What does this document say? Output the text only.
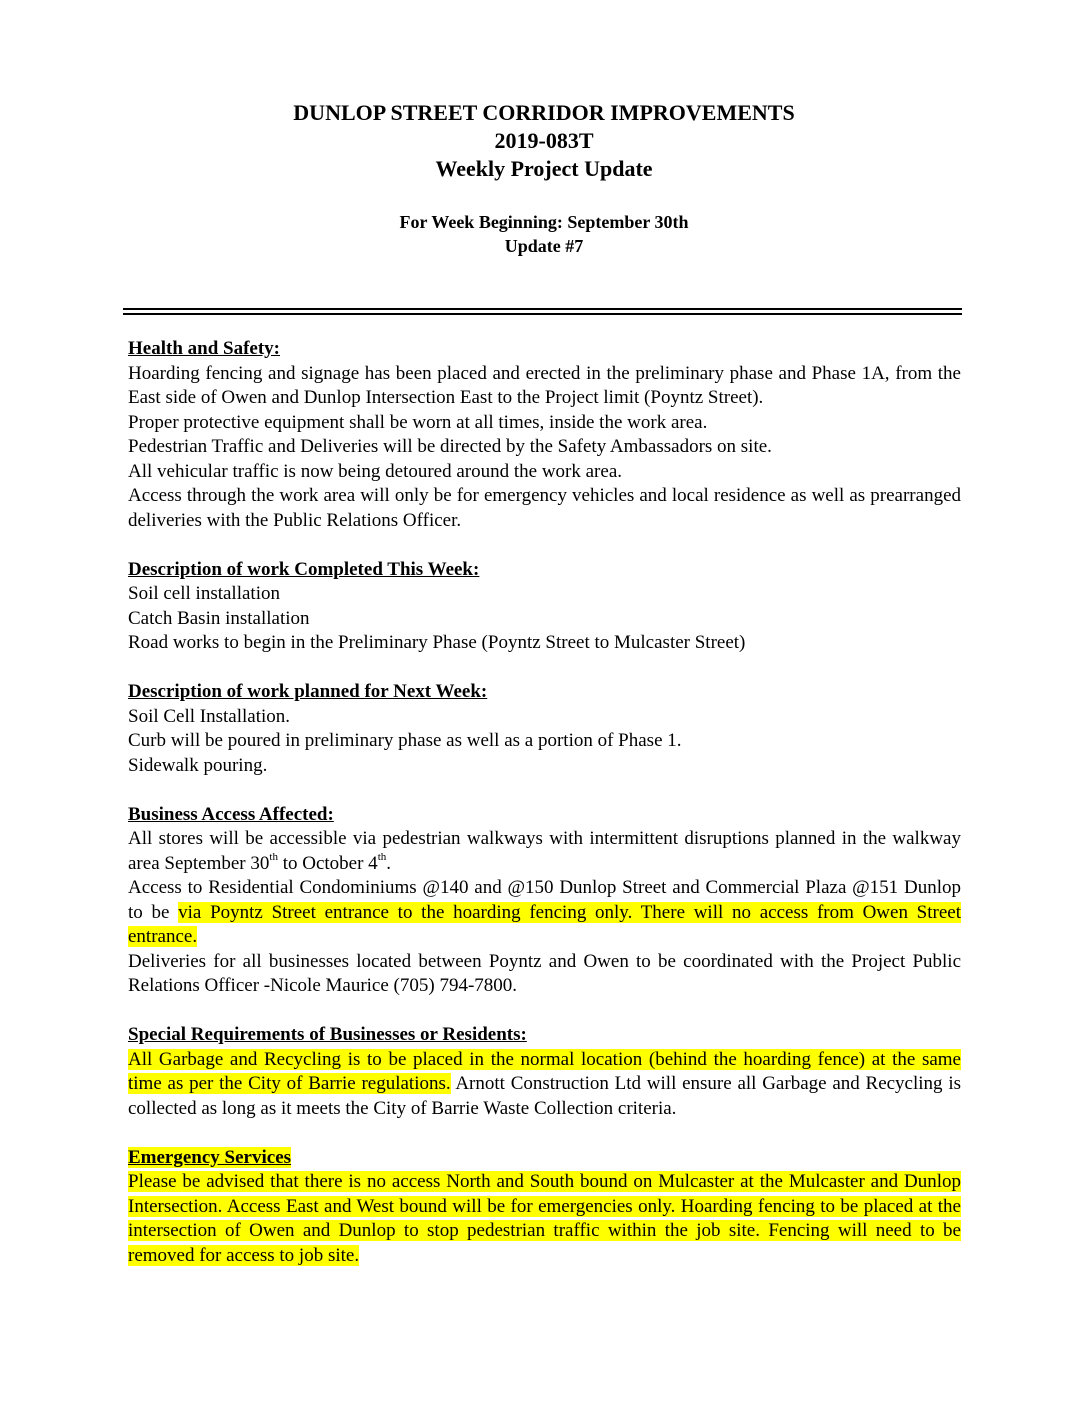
DUNLOP STREET CORRIDOR IMPROVEMENTS
2019-083T
Weekly Project Update
For Week Beginning: September 30th
Update #7
Health and Safety:
Hoarding fencing and signage has been placed and erected in the preliminary phase and Phase 1A, from the East side of Owen and Dunlop Intersection East to the Project limit (Poyntz Street).
Proper protective equipment shall be worn at all times, inside the work area.
Pedestrian Traffic and Deliveries will be directed by the Safety Ambassadors on site.
All vehicular traffic is now being detoured around the work area.
Access through the work area will only be for emergency vehicles and local residence as well as prearranged deliveries with the Public Relations Officer.
Description of work Completed This Week:
Soil cell installation
Catch Basin installation
Road works to begin in the Preliminary Phase (Poyntz Street to Mulcaster Street)
Description of work planned for Next Week:
Soil Cell Installation.
Curb will be poured in preliminary phase as well as a portion of Phase 1.
Sidewalk pouring.
Business Access Affected:
All stores will be accessible via pedestrian walkways with intermittent disruptions planned in the walkway area September 30th to October 4th.
Access to Residential Condominiums @140 and @150 Dunlop Street and Commercial Plaza @151 Dunlop to be via Poyntz Street entrance to the hoarding fencing only. There will no access from Owen Street entrance.
Deliveries for all businesses located between Poyntz and Owen to be coordinated with the Project Public Relations Officer -Nicole Maurice (705) 794-7800.
Special Requirements of Businesses or Residents:
All Garbage and Recycling is to be placed in the normal location (behind the hoarding fence) at the same time as per the City of Barrie regulations. Arnott Construction Ltd will ensure all Garbage and Recycling is collected as long as it meets the City of Barrie Waste Collection criteria.
Emergency Services
Please be advised that there is no access North and South bound on Mulcaster at the Mulcaster and Dunlop Intersection. Access East and West bound will be for emergencies only. Hoarding fencing to be placed at the intersection of Owen and Dunlop to stop pedestrian traffic within the job site. Fencing will need to be removed for access to job site.
